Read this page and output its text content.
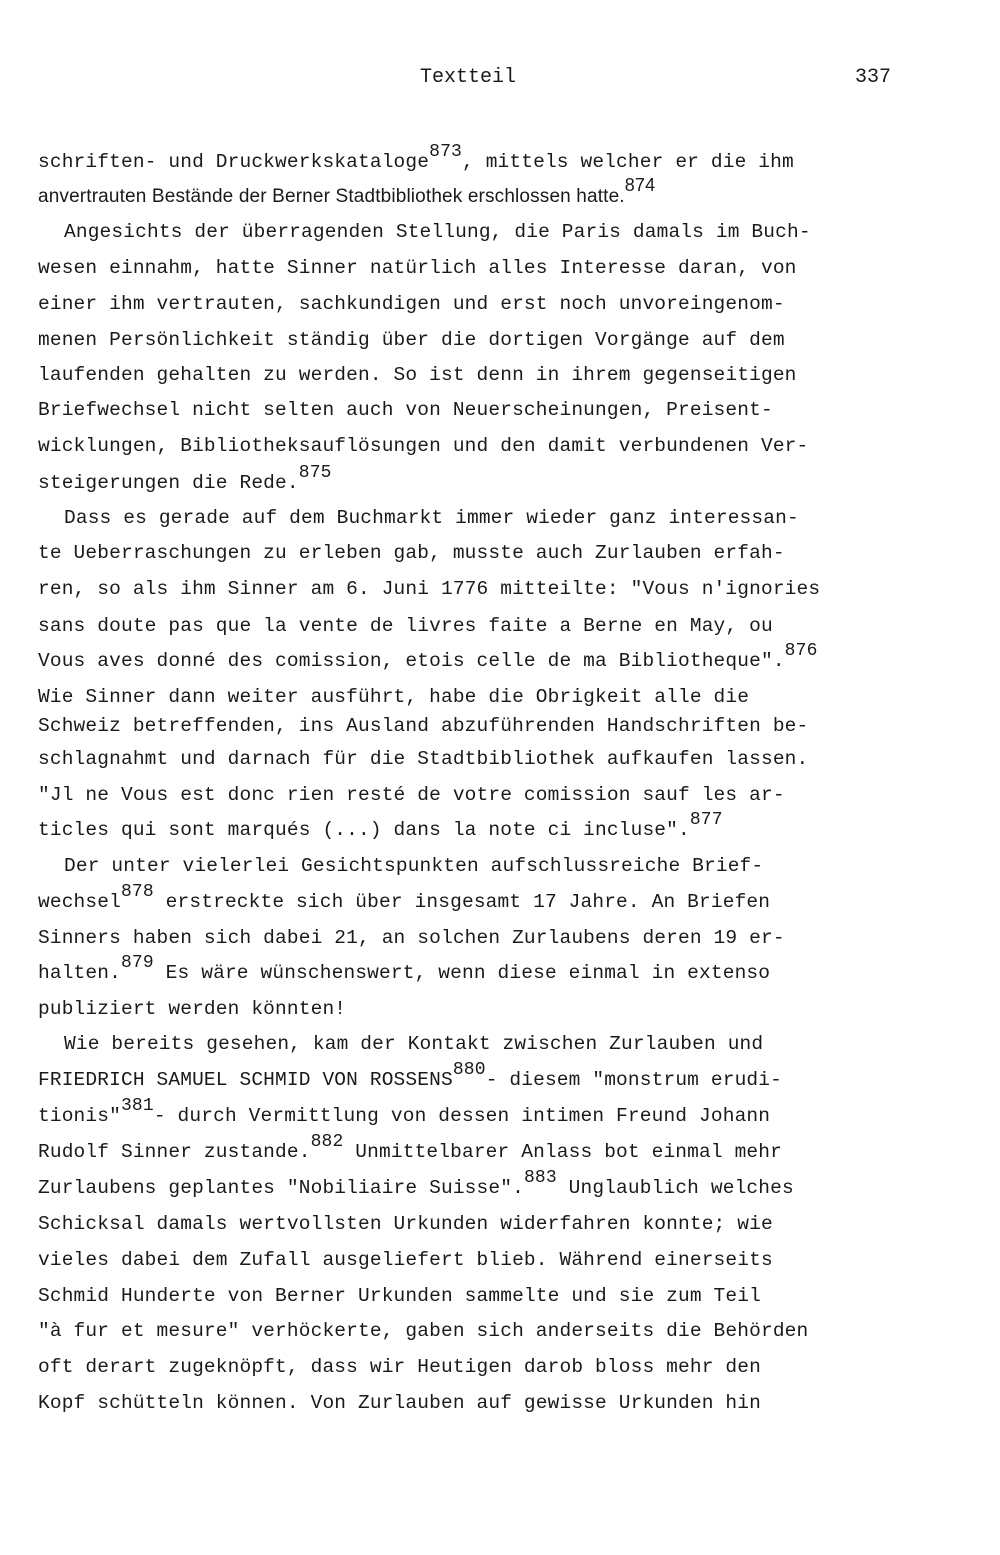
Textteil	337
schriften- und Druckwerkskataloge$^{873}$, mittels welcher er die ihm
anvertrauten Bestände der Berner Stadtbibliothek erschlossen hatte.$^{874}$
Angesichts der überragenden Stellung, die Paris damals im Buch-
wesen einnahm, hatte Sinner natürlich alles Interesse daran, von
einer ihm vertrauten, sachkundigen und erst noch unvoreingenom-
menen Persönlichkeit ständig über die dortigen Vorgänge auf dem
laufenden gehalten zu werden. So ist denn in ihrem gegenseitigen
Briefwechsel nicht selten auch von Neuerscheinungen, Preisent-
wicklungen, Bibliotheksauflösungen und den damit verbundenen Ver-
steigerungen die Rede.$^{875}$
Dass es gerade auf dem Buchmarkt immer wieder ganz interessan-
te Ueberraschungen zu erleben gab, musste auch Zurlauben erfah-
ren, so als ihm Sinner am 6. Juni 1776 mitteilte: "Vous n'ignories
sans doute pas que la vente de livres faite a Berne en May, ou
Vous aves donné des comission, etois celle de ma Bibliotheque".$^{876}$
Wie Sinner dann weiter ausführt, habe die Obrigkeit alle die
Schweiz betreffenden, ins Ausland abzuführenden Handschriften be-
schlagnahmt und darnach für die Stadtbibliothek aufkaufen lassen.
"Jl ne Vous est donc rien resté de votre comission sauf les ar-
ticles qui sont marqués (...) dans la note ci incluse".$^{877}$
Der unter vielerlei Gesichtspunkten aufschlussreiche Brief-
wechsel$^{878}$ erstreckte sich über insgesamt 17 Jahre. An Briefen
Sinners haben sich dabei 21, an solchen Zurlaubens deren 19 er-
halten.$^{879}$ Es wäre wünschenswert, wenn diese einmal in extenso
publiziert werden könnten!
Wie bereits gesehen, kam der Kontakt zwischen Zurlauben und
FRIEDRICH SAMUEL SCHMID VON ROSSENS$^{880}$- diesem "monstrum erudi-
tionis"$^{381}$- durch Vermittlung von dessen intimen Freund Johann
Rudolf Sinner zustande.$^{882}$ Unmittelbarer Anlass bot einmal mehr
Zurlaubens geplantes "Nobiliaire Suisse".$^{883}$ Unglaublich welches
Schicksal damals wertvollsten Urkunden widerfahren konnte; wie
vieles dabei dem Zufall ausgeliefert blieb. Während einerseits
Schmid Hunderte von Berner Urkunden sammelte und sie zum Teil
"à fur et mesure" verhöckerte, gaben sich anderseits die Behörden
oft derart zugeknöpft, dass wir Heutigen darob bloss mehr den
Kopf schütteln können. Von Zurlauben auf gewisse Urkunden hin
